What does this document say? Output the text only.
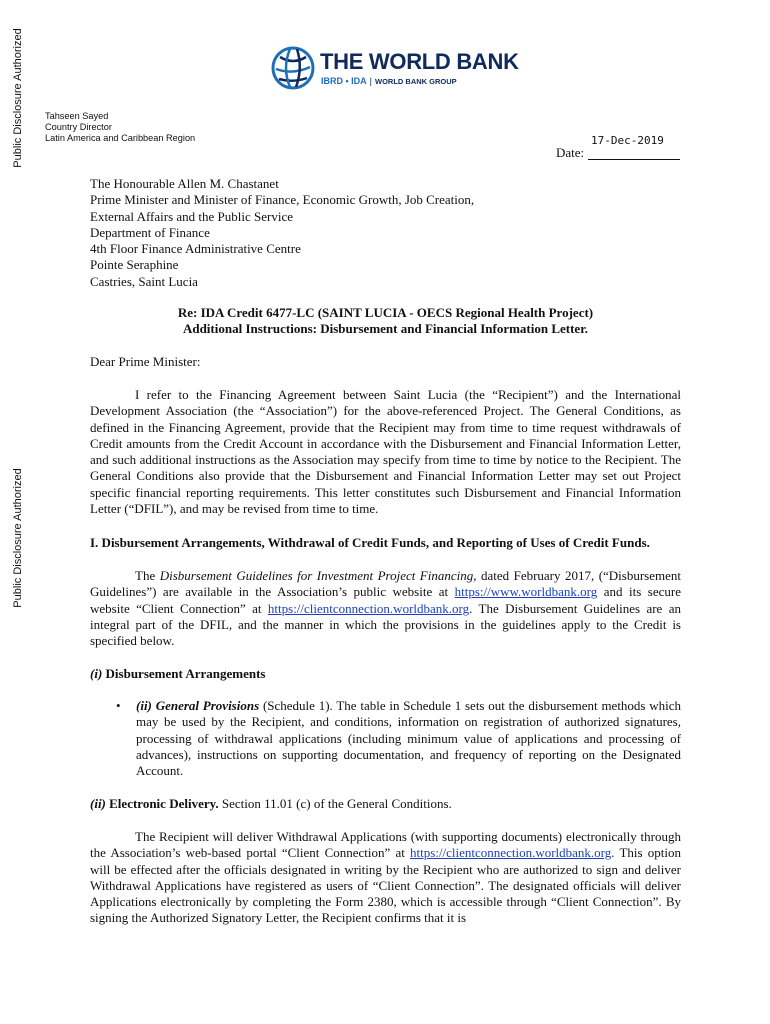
Public Disclosure Authorized
Public Disclosure Authorized
THE WORLD BANK
IBRD • IDA | WORLD BANK GROUP
Tahseen Sayed
Country Director
Latin America and Caribbean Region	17-Dec-2019
Date:
The Honourable Allen M. Chastanet
Prime Minister and Minister of Finance, Economic Growth, Job Creation,
External Affairs and the Public Service
Department of Finance
4th Floor Finance Administrative Centre
Pointe Seraphine
Castries, Saint Lucia
Re: IDA Credit 6477-LC (SAINT LUCIA - OECS Regional Health Project)
Additional Instructions: Disbursement and Financial Information Letter.
Dear Prime Minister:
I refer to the Financing Agreement between Saint Lucia (the “Recipient”) and the International Development Association (the “Association”) for the above-referenced Project. The General Conditions, as defined in the Financing Agreement, provide that the Recipient may from time to time request withdrawals of Credit amounts from the Credit Account in accordance with the Disbursement and Financial Information Letter, and such additional instructions as the Association may specify from time to time by notice to the Recipient. The General Conditions also provide that the Disbursement and Financial Information Letter may set out Project specific financial reporting requirements. This letter constitutes such Disbursement and Financial Information Letter (“DFIL”), and may be revised from time to time.
I. Disbursement Arrangements, Withdrawal of Credit Funds, and Reporting of Uses of Credit Funds.
The Disbursement Guidelines for Investment Project Financing, dated February 2017, (“Disbursement Guidelines”) are available in the Association’s public website at https://www.worldbank.org and its secure website “Client Connection” at https://clientconnection.worldbank.org. The Disbursement Guidelines are an integral part of the DFIL, and the manner in which the provisions in the guidelines apply to the Credit is specified below.
(i) Disbursement Arrangements
• (ii) General Provisions (Schedule 1). The table in Schedule 1 sets out the disbursement methods which may be used by the Recipient, and conditions, information on registration of authorized signatures, processing of withdrawal applications (including minimum value of applications and processing of advances), instructions on supporting documentation, and frequency of reporting on the Designated Account.
(ii) Electronic Delivery. Section 11.01 (c) of the General Conditions.
The Recipient will deliver Withdrawal Applications (with supporting documents) electronically through the Association’s web-based portal “Client Connection” at https://clientconnection.worldbank.org. This option will be effected after the officials designated in writing by the Recipient who are authorized to sign and deliver Withdrawal Applications have registered as users of “Client Connection”. The designated officials will deliver Applications electronically by completing the Form 2380, which is accessible through “Client Connection”. By signing the Authorized Signatory Letter, the Recipient confirms that it is
